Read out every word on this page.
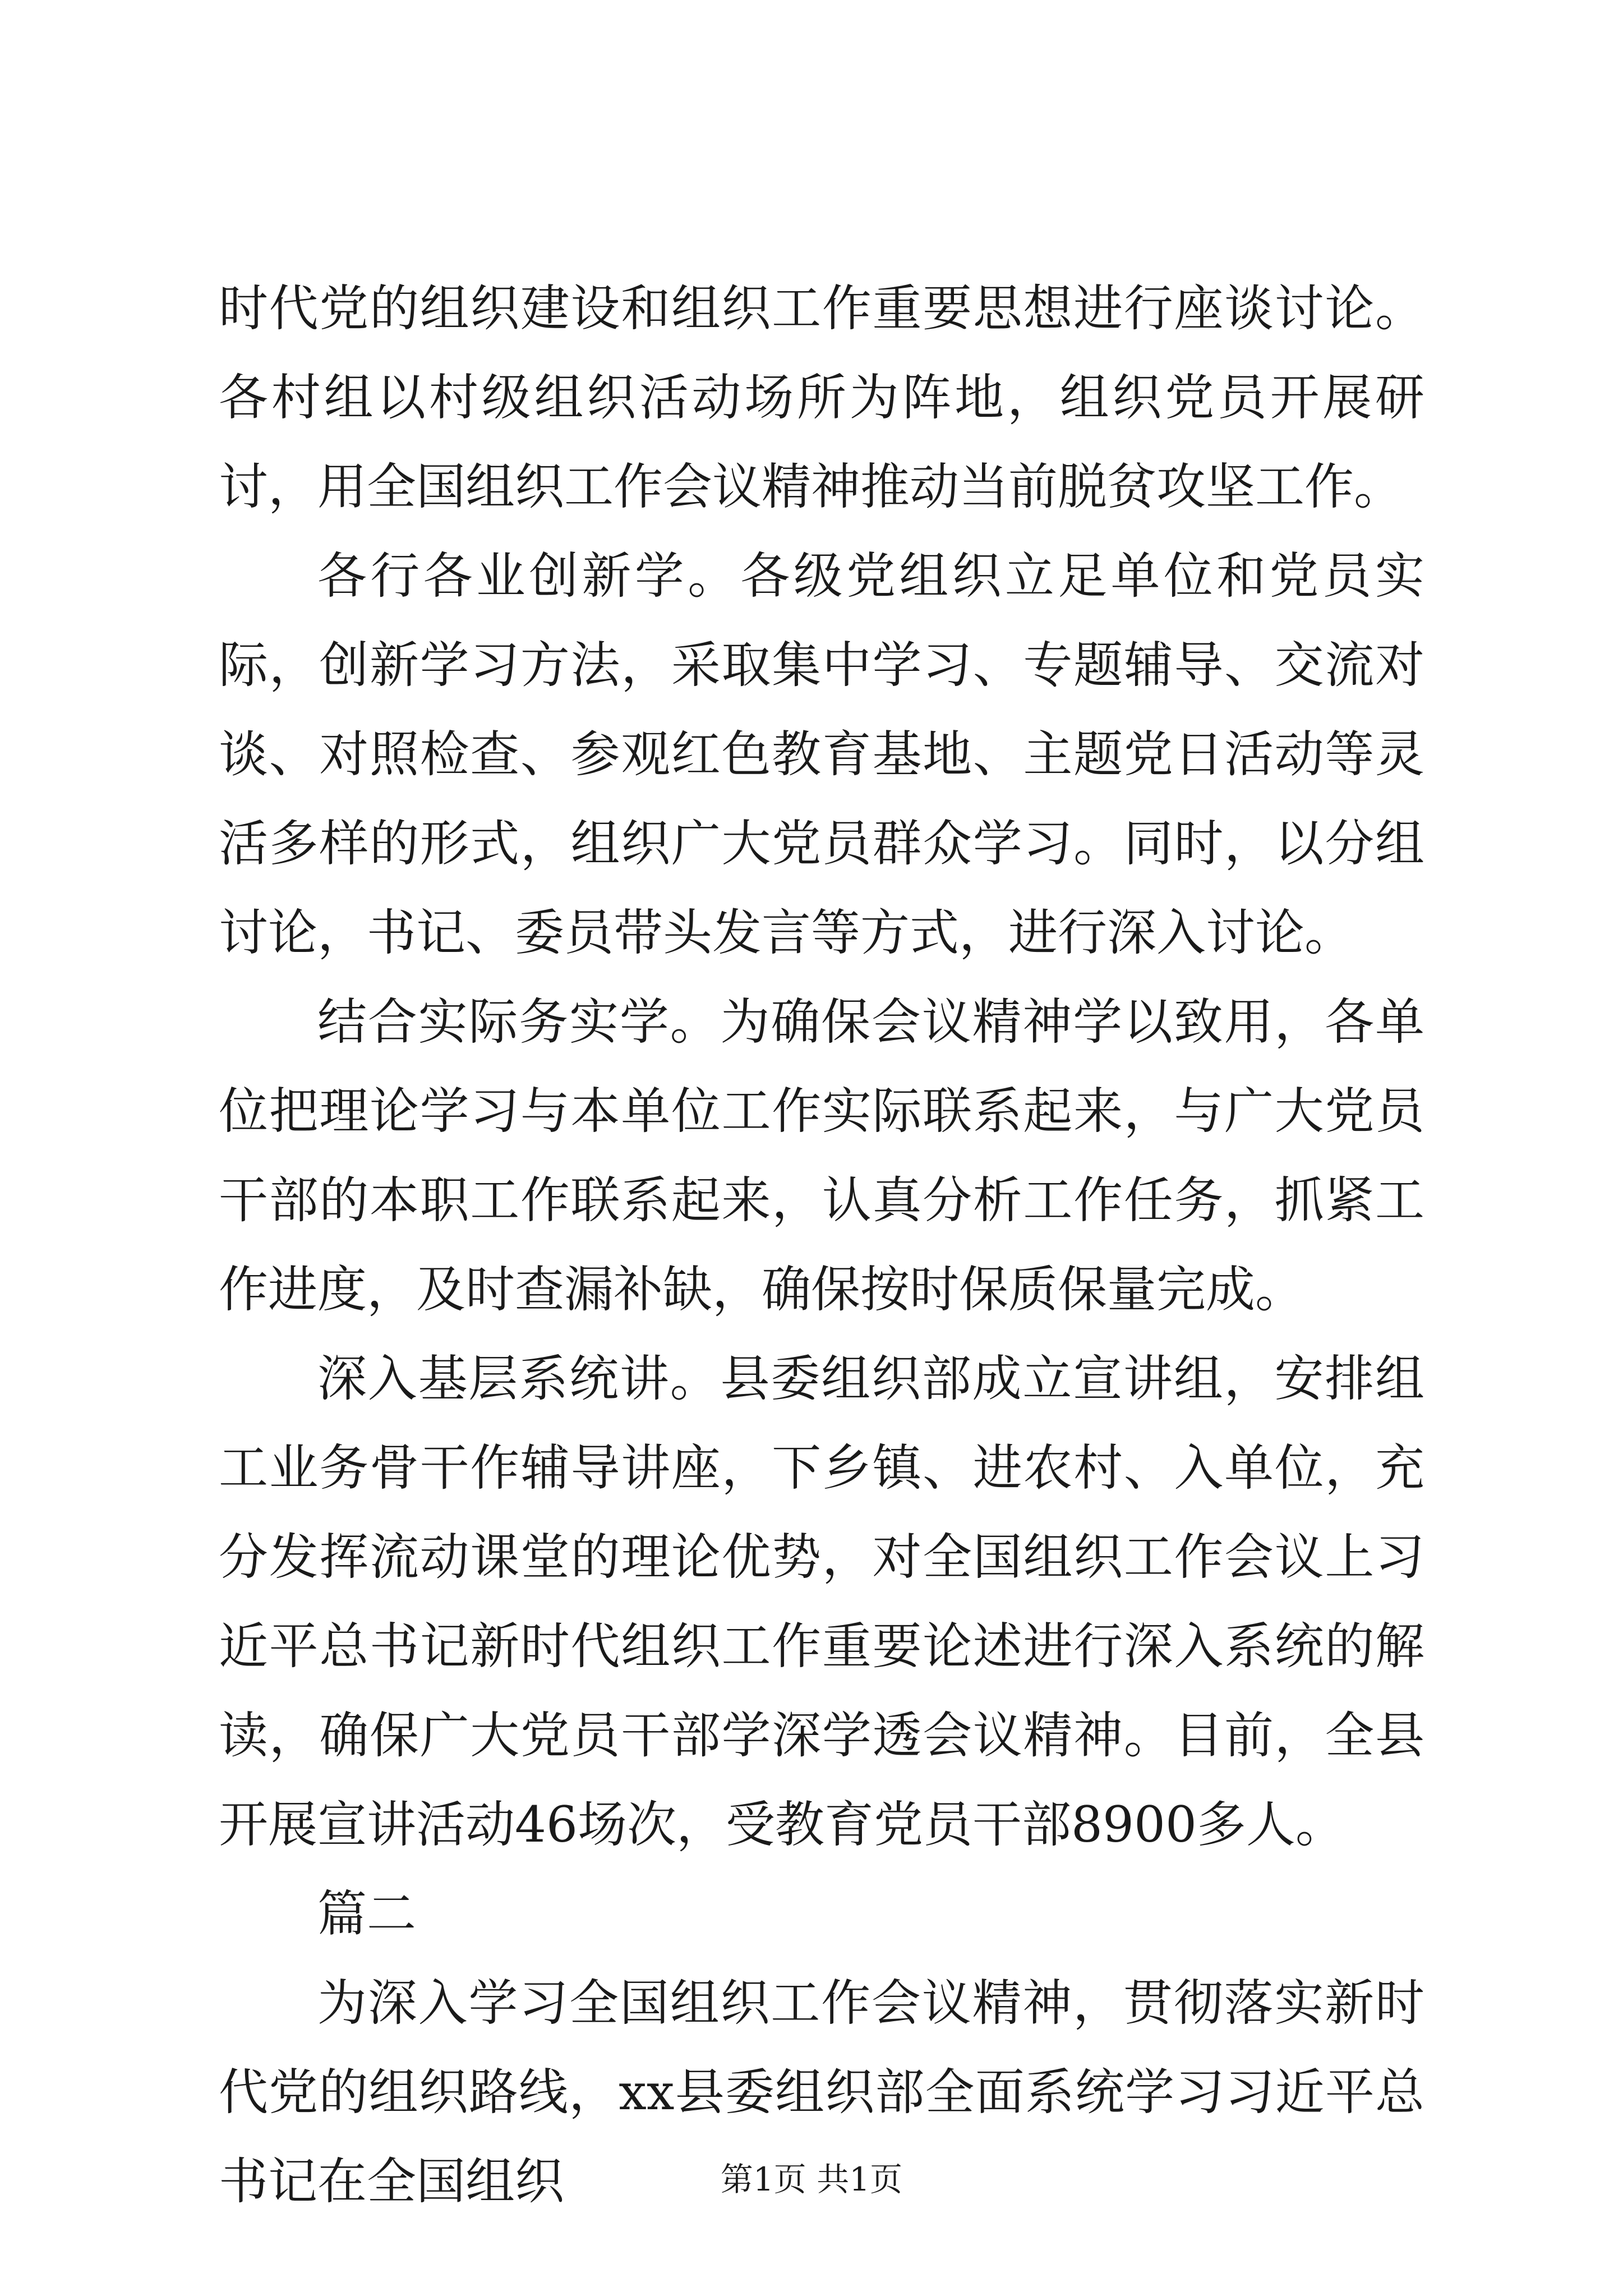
时代党的组织建设和组织工作重要思想进行座谈讨论。各村组以村级组织活动场所为阵地，组织党员开展研讨，用全国组织工作会议精神推动当前脱贫攻坚工作。

各行各业创新学。各级党组织立足单位和党员实际，创新学习方法，采取集中学习、专题辅导、交流对谈、对照检查、参观红色教育基地、主题党日活动等灵活多样的形式，组织广大党员群众学习。同时，以分组讨论，书记、委员带头发言等方式，进行深入讨论。

结合实际务实学。为确保会议精神学以致用，各单位把理论学习与本单位工作实际联系起来，与广大党员干部的本职工作联系起来，认真分析工作任务，抓紧工作进度，及时查漏补缺，确保按时保质保量完成。

深入基层系统讲。县委组织部成立宣讲组，安排组工业务骨干作辅导讲座，下乡镇、进农村、入单位，充分发挥流动课堂的理论优势，对全国组织工作会议上习近平总书记新时代组织工作重要论述进行深入系统的解读，确保广大党员干部学深学透会议精神。目前，全县开展宣讲活动46场次，受教育党员干部8900多人。

篇二

为深入学习全国组织工作会议精神，贯彻落实新时代党的组织路线，xx县委组织部全面系统学习习近平总书记在全国组织	第1页 共1页
